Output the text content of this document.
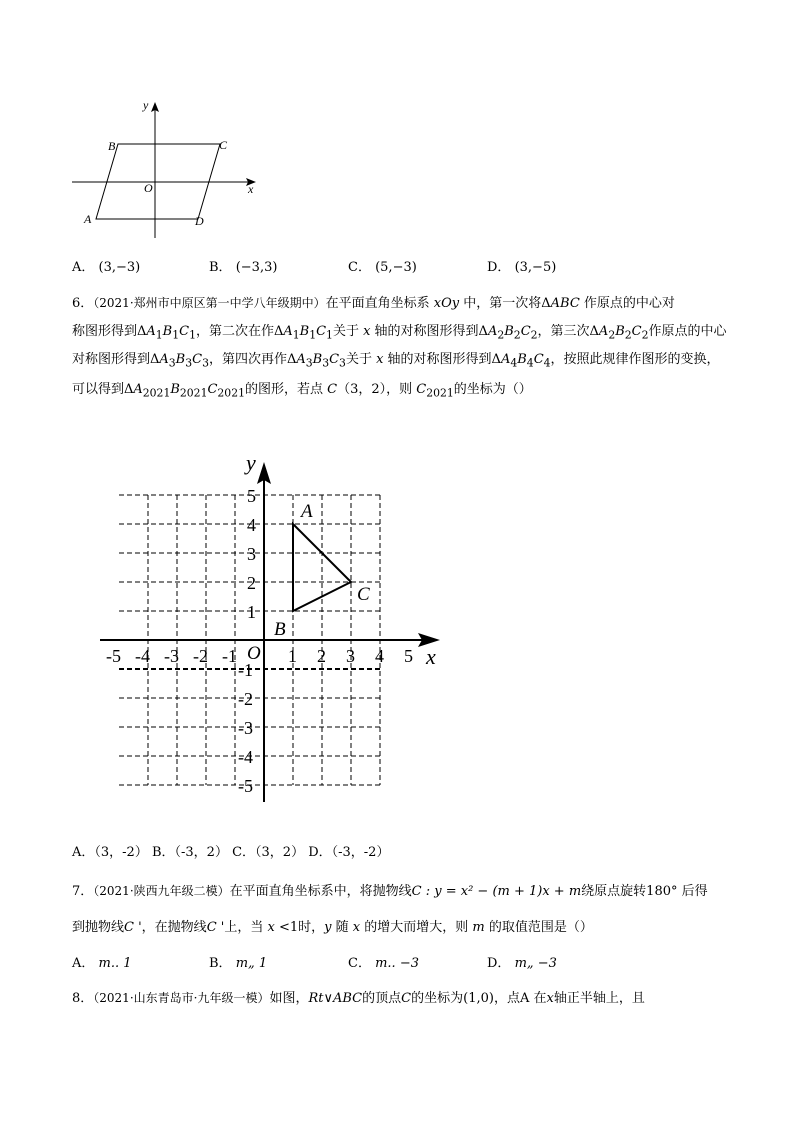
y
x
O
B	C
A	D
A． (3,−3)	B． (−3,3)	C． (5,−3)	D． (3,−5)
6．（2021·郑州市中原区第一中学八年级期中）在平面直角坐标系 xOy 中，第一次将ΔABC 作原点的中心对
称图形得到$\Delta A_1B_1C_1$，第二次在作$\Delta A_1B_1C_1$关于 x 轴的对称图形得到$\Delta A_2B_2C_2$，第三次$\Delta A_2B_2C_2$作原点的中心
对称图形得到$\Delta A_3B_3C_3$，第四次再作$\Delta A_3B_3C_3$关于 x 轴的对称图形得到$\Delta A_4B_4C_4$，按照此规律作图形的变换，
可以得到$\Delta A_{2021}B_{2021}C_{2021}$的图形，若点 C（3，2），则 $C_{2021}$的坐标为（）
-5 -4 -3 -2 -1	1 2 3 4 5
5
4
3
2
1
-1
-2
-3
-4
-5
y
x
O
A
B
C
A．（3，-2） B．（-3，2） C．（3，2） D．（-3，-2）
7．（2021·陕西九年级二模）在平面直角坐标系中，将抛物线C : y = x² − (m + 1)x + m绕原点旋转180° 后得
到抛物线C '，在抛物线C '上，当 x <1时，y 随 x 的增大而增大，则 m 的取值范围是（）
A． m.. 1	B． m„ 1	C． m.. −3	D． m„ −3
8．（2021·山东青岛市·九年级一模）如图，Rt∨ABC的顶点C的坐标为(1,0)，点A 在x轴正半轴上，且
